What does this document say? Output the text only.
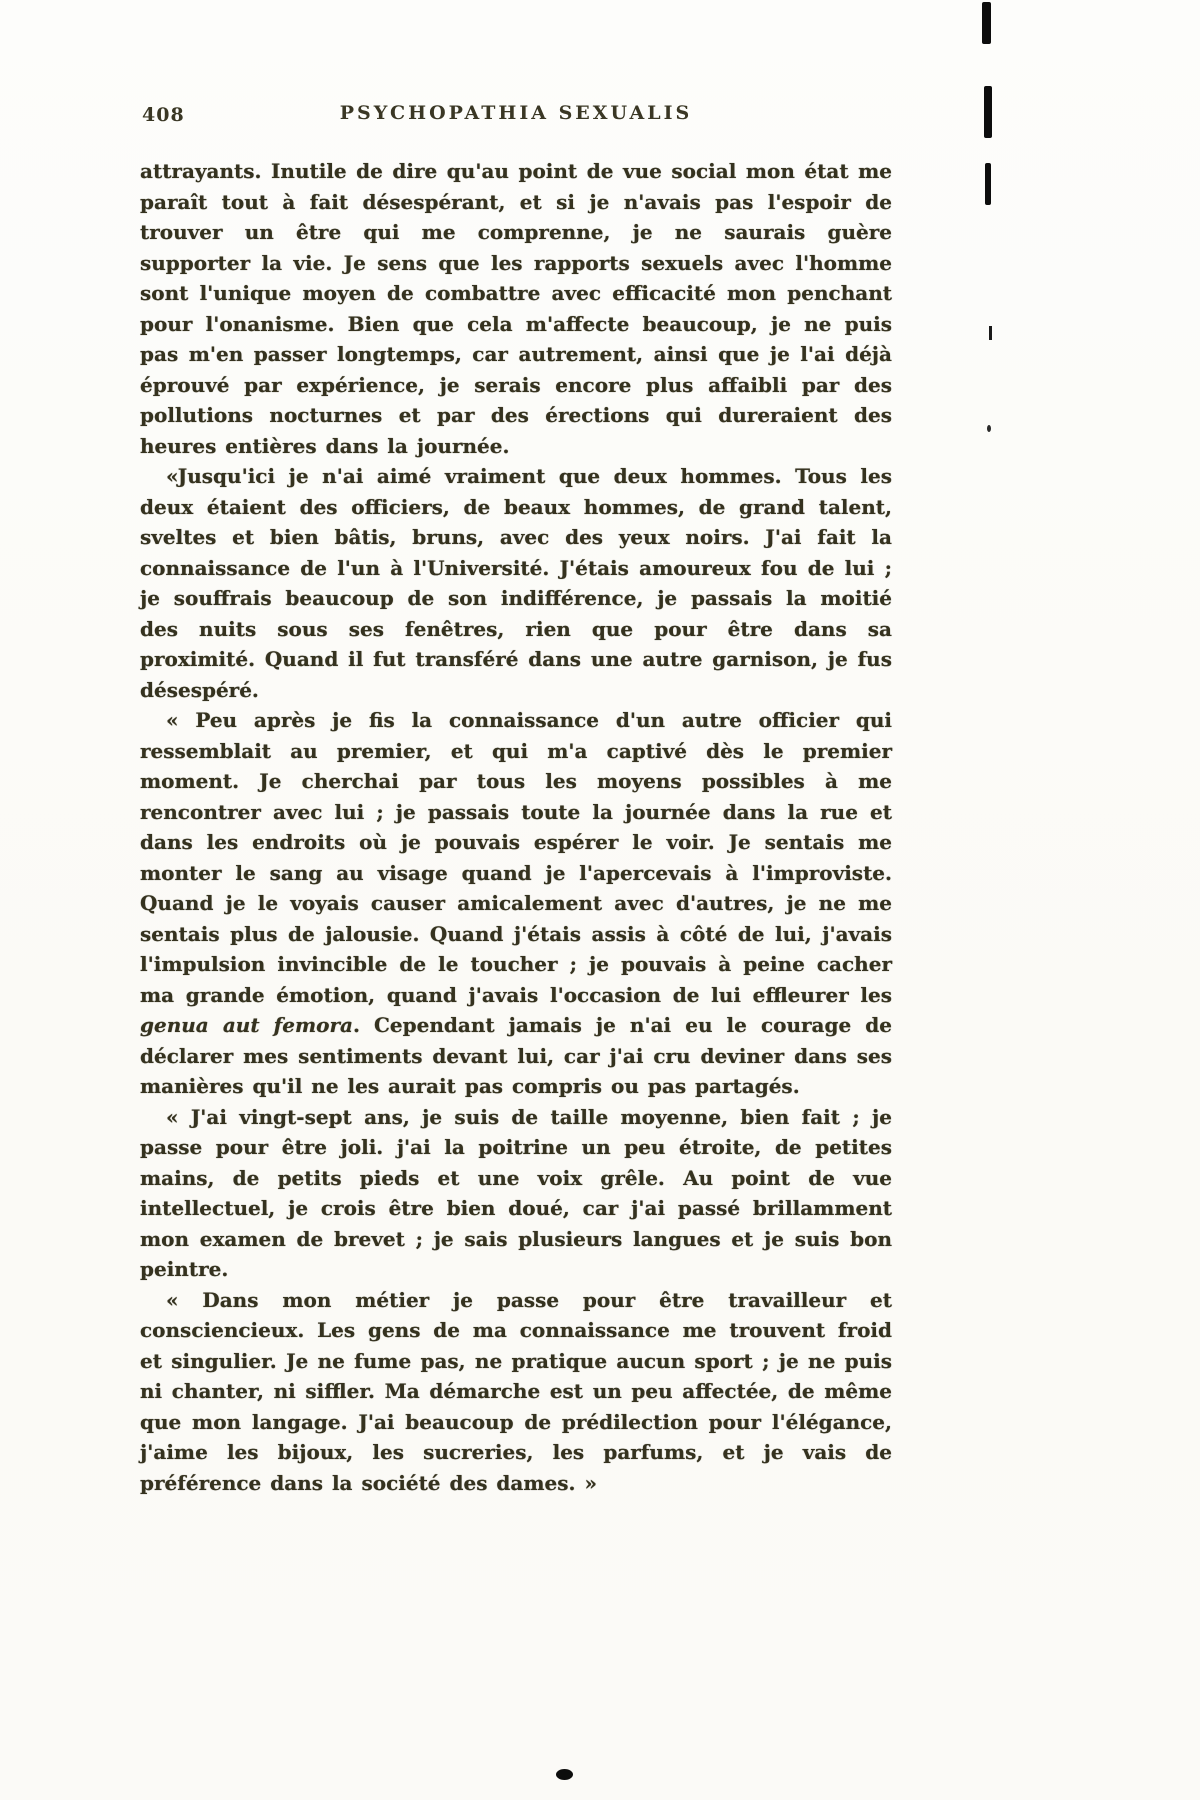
408	PSYCHOPATHIA SEXUALIS

attrayants. Inutile de dire qu'au point de vue social mon état me paraît tout à fait désespérant, et si je n'avais pas l'espoir de trouver un être qui me comprenne, je ne saurais guère supporter la vie. Je sens que les rapports sexuels avec l'homme sont l'unique moyen de combattre avec efficacité mon penchant pour l'onanisme. Bien que cela m'affecte beaucoup, je ne puis pas m'en passer longtemps, car autrement, ainsi que je l'ai déjà éprouvé par expérience, je serais encore plus affaibli par des pollutions nocturnes et par des érections qui dureraient des heures entières dans la journée.

«Jusqu'ici je n'ai aimé vraiment que deux hommes. Tous les deux étaient des officiers, de beaux hommes, de grand talent, sveltes et bien bâtis, bruns, avec des yeux noirs. J'ai fait la connaissance de l'un à l'Université. J'étais amoureux fou de lui ; je souffrais beaucoup de son indifférence, je passais la moitié des nuits sous ses fenêtres, rien que pour être dans sa proximité. Quand il fut transféré dans une autre garnison, je fus désespéré.

« Peu après je fis la connaissance d'un autre officier qui ressemblait au premier, et qui m'a captivé dès le premier moment. Je cherchai par tous les moyens possibles à me rencontrer avec lui ; je passais toute la journée dans la rue et dans les endroits où je pouvais espérer le voir. Je sentais me monter le sang au visage quand je l'apercevais à l'improviste. Quand je le voyais causer amicalement avec d'autres, je ne me sentais plus de jalousie. Quand j'étais assis à côté de lui, j'avais l'impulsion invincible de le toucher ; je pouvais à peine cacher ma grande émotion, quand j'avais l'occasion de lui effleurer les genua aut femora. Cependant jamais je n'ai eu le courage de déclarer mes sentiments devant lui, car j'ai cru deviner dans ses manières qu'il ne les aurait pas compris ou pas partagés.

« J'ai vingt-sept ans, je suis de taille moyenne, bien fait ; je passe pour être joli. j'ai la poitrine un peu étroite, de petites mains, de petits pieds et une voix grêle. Au point de vue intellectuel, je crois être bien doué, car j'ai passé brillamment mon examen de brevet ; je sais plusieurs langues et je suis bon peintre.

« Dans mon métier je passe pour être travailleur et consciencieux. Les gens de ma connaissance me trouvent froid et singulier. Je ne fume pas, ne pratique aucun sport ; je ne puis ni chanter, ni siffler. Ma démarche est un peu affectée, de même que mon langage. J'ai beaucoup de prédilection pour l'élégance, j'aime les bijoux, les sucreries, les parfums, et je vais de préférence dans la société des dames. »
